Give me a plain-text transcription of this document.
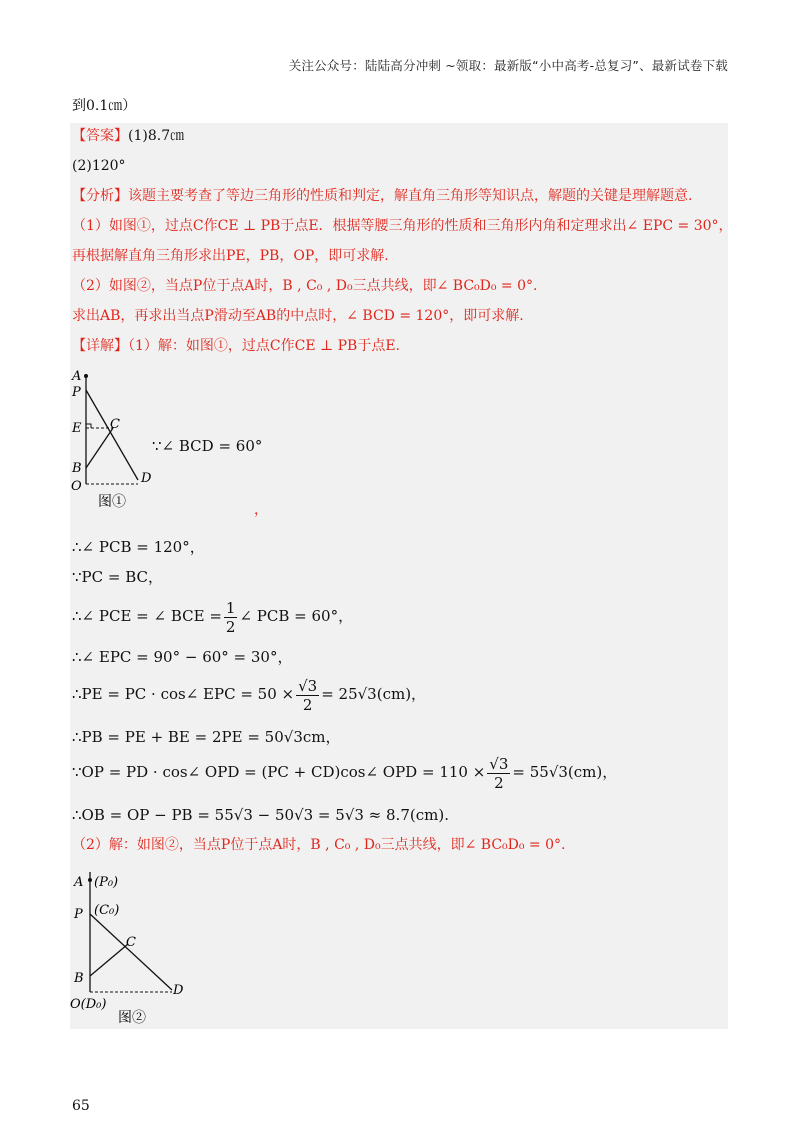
关注公众号：陆陆高分冲刺 ~领取：最新版“小中高考-总复习”、最新试卷下载
到0.1㎝）
【答案】(1)8.7㎝
(2)120°
【分析】该题主要考查了等边三角形的性质和判定，解直角三角形等知识点，解题的关键是理解题意.
（1）如图①，过点C作CE ⊥ PB于点E．根据等腰三角形的性质和三角形内角和定理求出∠ EPC = 30°，
再根据解直角三角形求出PE，PB，OP，即可求解.
（2）如图②，当点P位于点A时，B , C₀ , D₀三点共线，即∠ BC₀D₀ = 0°.
求出AB，再求出当点P滑动至AB的中点时，∠ BCD = 120°，即可求解.
【详解】（1）解：如图①，过点C作CE ⊥ PB于点E.
A
P
E C
B
O
D
图①
∵∠ BCD = 60°
，
∴∠ PCB = 120°，
∵PC = BC，
∴∠ PCE = ∠ BCE = $\frac{1}{2}$ ∠ PCB = 60°，
∴∠ EPC = 90° − 60° = 30°，
∴PE = PC · cos∠ EPC = $50 \times \frac{√3}{2} = 25√3(cm)$，
∴PB = PE + BE = 2PE = 50√3cm，
∵OP = PD · cos∠ OPD = (PC + CD)cos∠ OPD = $110 \times \frac{√3}{2} = 55√3(cm)$，
∴OB = OP − PB = 55√3 − 50√3 = 5√3 ≈ 8.7(cm).
（2）解：如图②，当点P位于点A时，B , C₀ , D₀三点共线，即∠ BC₀D₀ = 0°.
A (P₀)
P (C₀)
C
B
O(D₀)
D
图②
65
